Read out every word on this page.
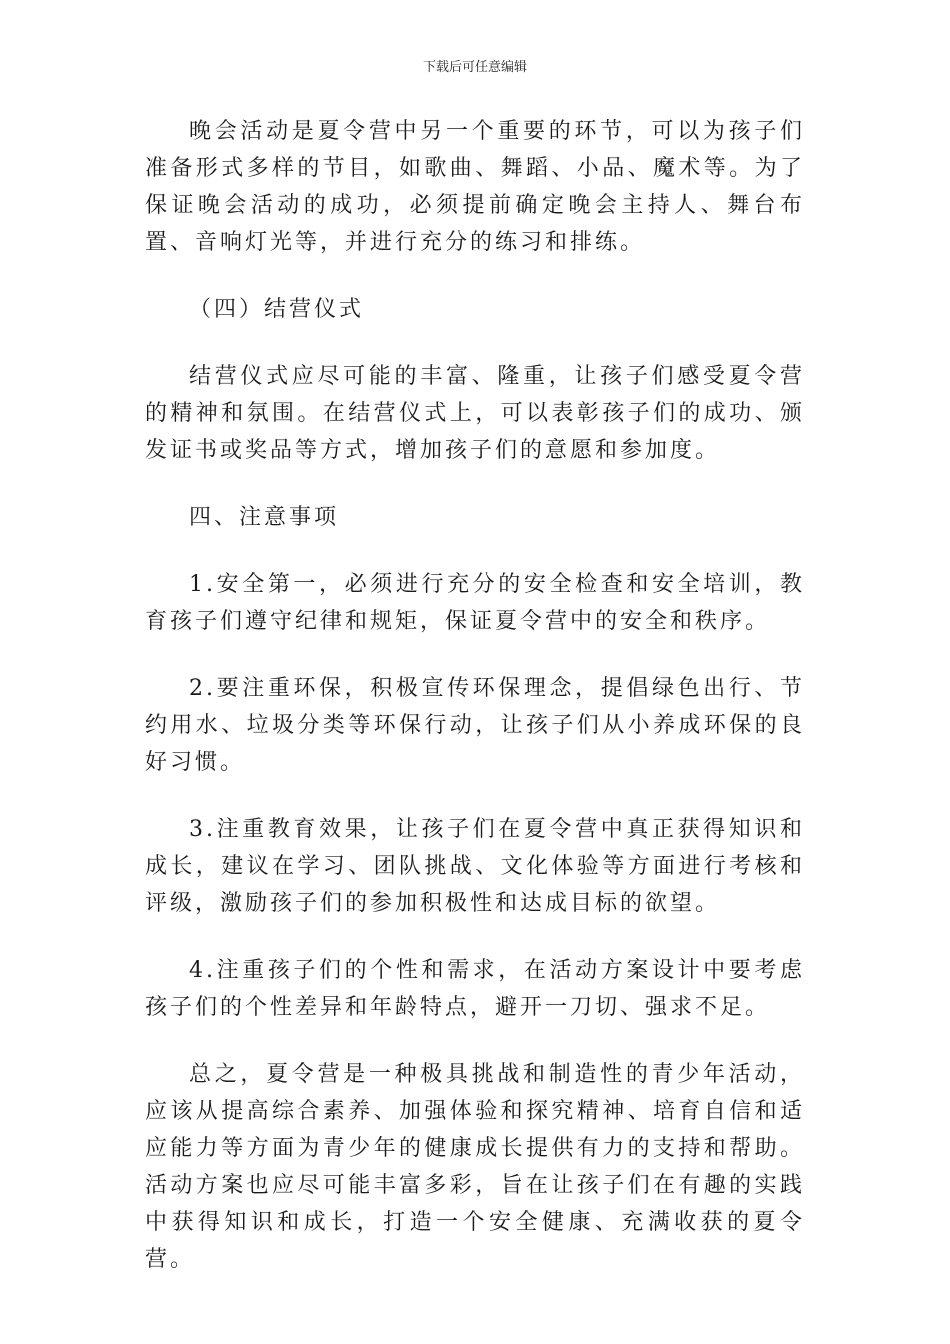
下载后可任意编辑

晚会活动是夏令营中另一个重要的环节，可以为孩子们准备形式多样的节目，如歌曲、舞蹈、小品、魔术等。为了保证晚会活动的成功，必须提前确定晚会主持人、舞台布置、音响灯光等，并进行充分的练习和排练。

（四）结营仪式

结营仪式应尽可能的丰富、隆重，让孩子们感受夏令营的精神和氛围。在结营仪式上，可以表彰孩子们的成功、颁发证书或奖品等方式，增加孩子们的意愿和参加度。

四、注意事项

1.安全第一，必须进行充分的安全检查和安全培训，教育孩子们遵守纪律和规矩，保证夏令营中的安全和秩序。

2.要注重环保，积极宣传环保理念，提倡绿色出行、节约用水、垃圾分类等环保行动，让孩子们从小养成环保的良好习惯。

3.注重教育效果，让孩子们在夏令营中真正获得知识和成长，建议在学习、团队挑战、文化体验等方面进行考核和评级，激励孩子们的参加积极性和达成目标的欲望。

4.注重孩子们的个性和需求，在活动方案设计中要考虑孩子们的个性差异和年龄特点，避开一刀切、强求不足。

总之，夏令营是一种极具挑战和制造性的青少年活动，应该从提高综合素养、加强体验和探究精神、培育自信和适应能力等方面为青少年的健康成长提供有力的支持和帮助。活动方案也应尽可能丰富多彩，旨在让孩子们在有趣的实践中获得知识和成长，打造一个安全健康、充满收获的夏令营。
